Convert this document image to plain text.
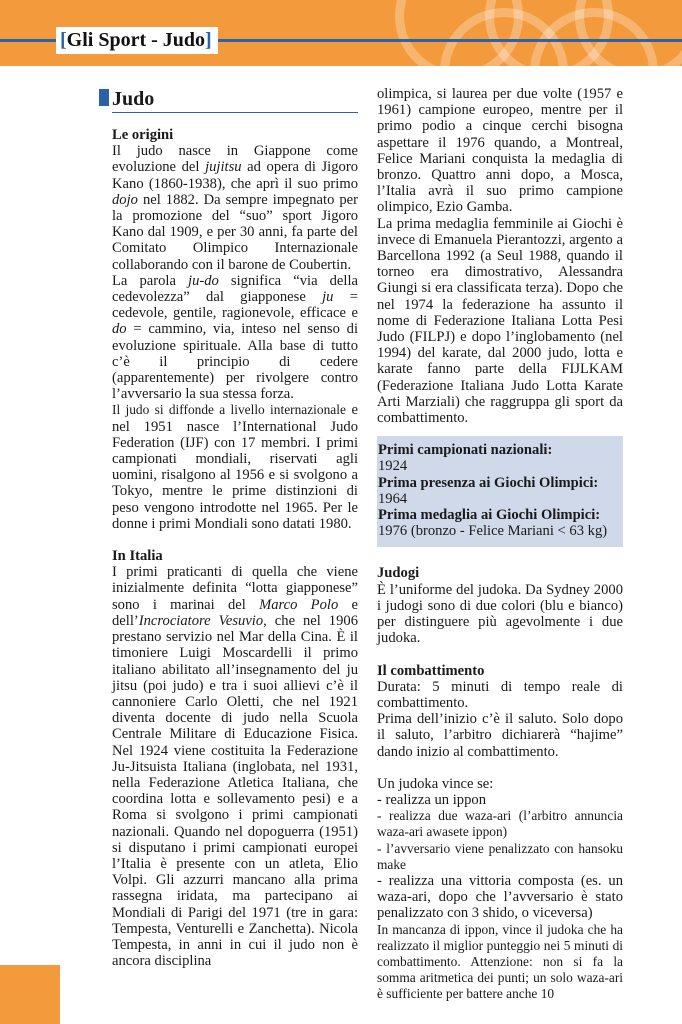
[Gli Sport - Judo]
Judo

Le origini

Il judo nasce in Giappone come evoluzione del jujitsu ad opera di Jigoro Kano (1860-1938), che aprì il suo primo dojo nel 1882. Da sempre impegnato per la promozione del “suo” sport Jigoro Kano dal 1909, e per 30 anni, fa parte del Comitato Olimpico Internazionale collaborando con il barone de Coubertin.

La parola ju-do significa “via della cedevolezza” dal giapponese ju = cedevole, gentile, ragionevole, efficace e do = cammino, via, inteso nel senso di evoluzione spirituale. Alla base di tutto c’è il principio di cedere (apparentemente) per rivolgere contro l’avversario la sua stessa forza.

Il judo si diffonde a livello internazionale e nel 1951 nasce l’International Judo Federation (IJF) con 17 membri. I primi campionati mondiali, riservati agli uomini, risalgono al 1956 e si svolgono a Tokyo, mentre le prime distinzioni di peso vengono introdotte nel 1965. Per le donne i primi Mondiali sono datati 1980.

In Italia

I primi praticanti di quella che viene inizialmente definita “lotta giapponese” sono i marinai del Marco Polo e dell’Incrociatore Vesuvio, che nel 1906 prestano servizio nel Mar della Cina. È il timoniere Luigi Moscardelli il primo italiano abilitato all’insegnamento del ju jitsu (poi judo) e tra i suoi allievi c’è il cannoniere Carlo Oletti, che nel 1921 diventa docente di judo nella Scuola Centrale Militare di Educazione Fisica. Nel 1924 viene costituita la Federazione Ju-Jitsuista Italiana (inglobata, nel 1931, nella Federazione Atletica Italiana, che coordina lotta e sollevamento pesi) e a Roma si svolgono i primi campionati nazionali. Quando nel dopoguerra (1951) si disputano i primi campionati europei l’Italia è presente con un atleta, Elio Volpi. Gli azzurri mancano alla prima rassegna iridata, ma partecipano ai Mondiali di Parigi del 1971 (tre in gara: Tempesta, Venturelli e Zanchetta). Nicola Tempesta, in anni in cui il judo non è ancora disciplina

olimpica, si laurea per due volte (1957 e 1961) campione europeo, mentre per il primo podio a cinque cerchi bisogna aspettare il 1976 quando, a Montreal, Felice Mariani conquista la medaglia di bronzo. Quattro anni dopo, a Mosca, l’Italia avrà il suo primo campione olimpico, Ezio Gamba.

La prima medaglia femminile ai Giochi è invece di Emanuela Pierantozzi, argento a Barcellona 1992 (a Seul 1988, quando il torneo era dimostrativo, Alessandra Giungi si era classificata terza). Dopo che nel 1974 la federazione ha assunto il nome di Federazione Italiana Lotta Pesi Judo (FILPJ) e dopo l’inglobamento (nel 1994) del karate, dal 2000 judo, lotta e karate fanno parte della FIJLKAM (Federazione Italiana Judo Lotta Karate Arti Marziali) che raggruppa gli sport da combattimento.

Primi campionati nazionali:
1924
Prima presenza ai Giochi Olimpici:
1964
Prima medaglia ai Giochi Olimpici:
1976 (bronzo - Felice Mariani < 63 kg)

Judogi

È l’uniforme del judoka. Da Sydney 2000 i judogi sono di due colori (blu e bianco) per distinguere più agevolmente i due judoka.

Il combattimento

Durata: 5 minuti di tempo reale di combattimento.

Prima dell’inizio c’è il saluto. Solo dopo il saluto, l’arbitro dichiarerà “hajime” dando inizio al combattimento.

Un judoka vince se:

- realizza un ippon

- realizza due waza-ari (l’arbitro annuncia waza-ari awasete ippon)

- l’avversario viene penalizzato con hansoku make

- realizza una vittoria composta (es. un waza-ari, dopo che l’avversario è stato penalizzato con 3 shido, o viceversa)

In mancanza di ippon, vince il judoka che ha realizzato il miglior punteggio nei 5 minuti di combattimento. Attenzione: non si fa la somma aritmetica dei punti; un solo waza-ari è sufficiente per battere anche 10
